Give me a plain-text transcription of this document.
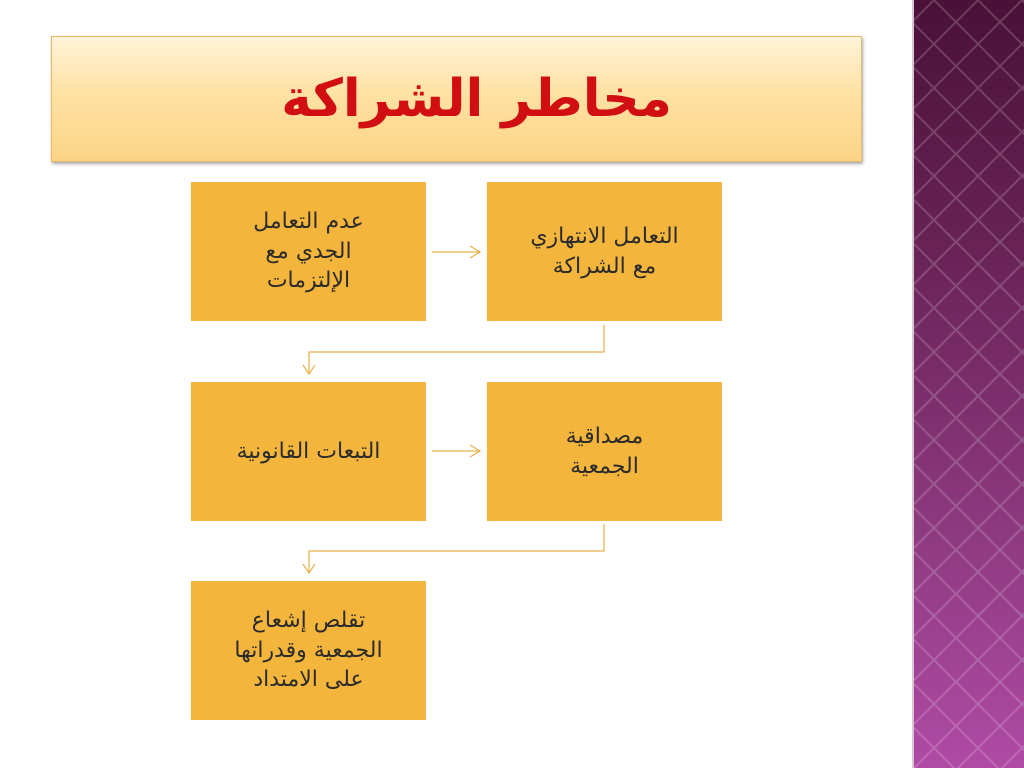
مخاطر الشراكة
عدم التعامل
الجدي مع
الإلتزمات
التعامل الانتهازي
مع الشراكة
التبعات القانونية
مصداقية
الجمعية
تقلص إشعاع
الجمعية وقدراتها
على الامتداد
